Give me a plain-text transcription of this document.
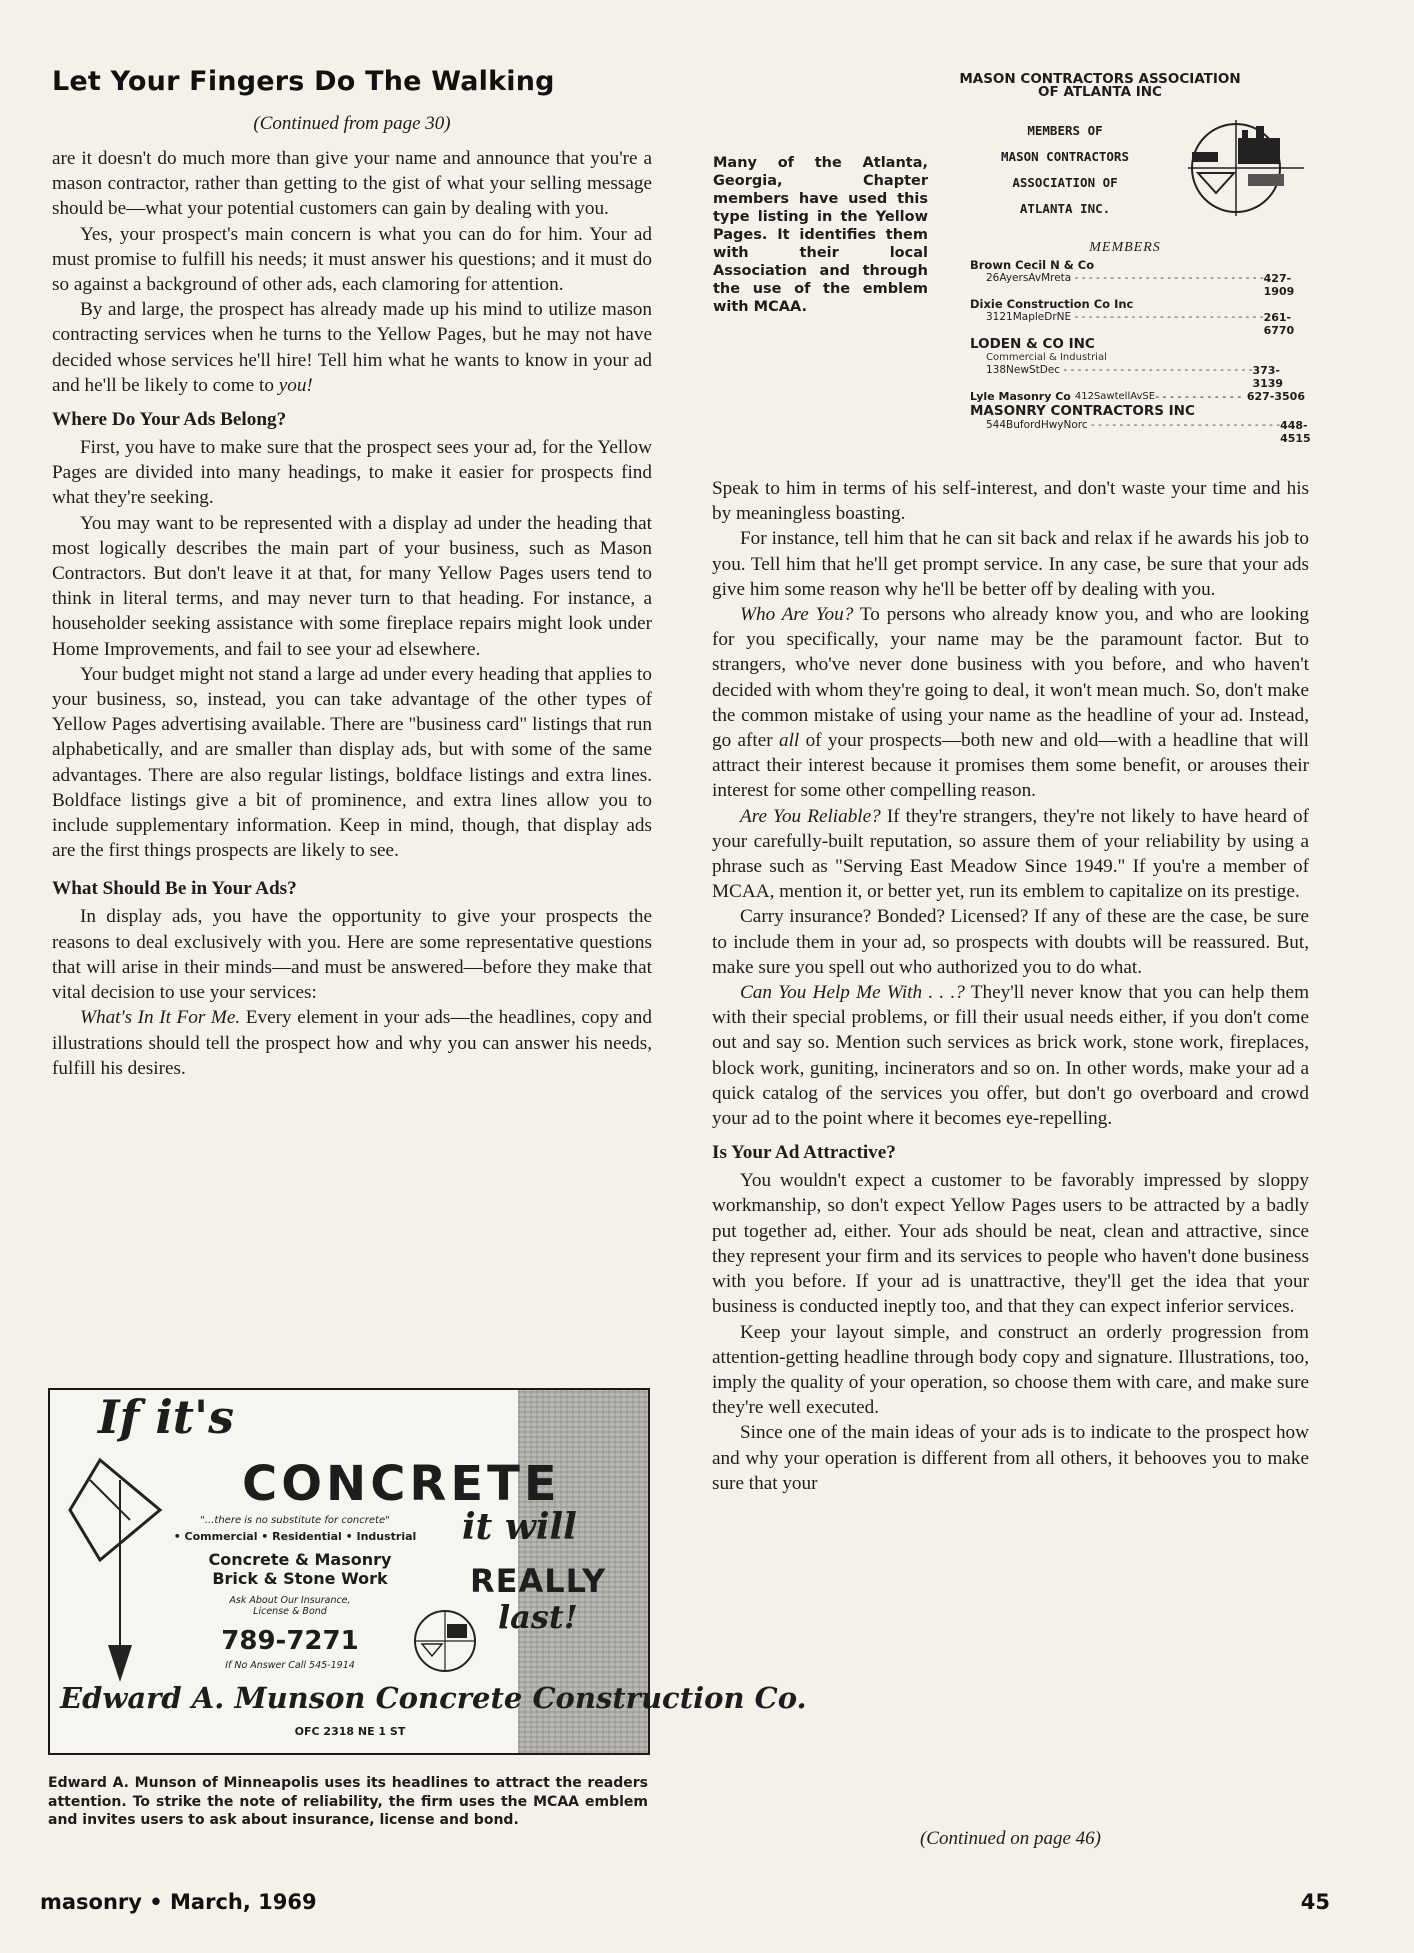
Let Your Fingers Do The Walking
(Continued from page 30)

are it doesn't do much more than give your name and announce that you're a mason contractor, rather than getting to the gist of what your selling message should be—what your potential customers can gain by dealing with you.

Yes, your prospect's main concern is what you can do for him. Your ad must promise to fulfill his needs; it must answer his questions; and it must do so against a background of other ads, each clamoring for attention.

By and large, the prospect has already made up his mind to utilize mason contracting services when he turns to the Yellow Pages, but he may not have decided whose services he'll hire! Tell him what he wants to know in your ad and he'll be likely to come to you!

Where Do Your Ads Belong?

First, you have to make sure that the prospect sees your ad, for the Yellow Pages are divided into many headings, to make it easier for prospects find what they're seeking.

You may want to be represented with a display ad under the heading that most logically describes the main part of your business, such as Mason Contractors. But don't leave it at that, for many Yellow Pages users tend to think in literal terms, and may never turn to that heading. For instance, a householder seeking assistance with some fireplace repairs might look under Home Improvements, and fail to see your ad elsewhere.

Your budget might not stand a large ad under every heading that applies to your business, so, instead, you can take advantage of the other types of Yellow Pages advertising available. There are "business card" listings that run alphabetically, and are smaller than display ads, but with some of the same advantages. There are also regular listings, boldface listings and extra lines. Boldface listings give a bit of prominence, and extra lines allow you to include supplementary information. Keep in mind, though, that display ads are the first things prospects are likely to see.

What Should Be in Your Ads?

In display ads, you have the opportunity to give your prospects the reasons to deal exclusively with you. Here are some representative questions that will arise in their minds—and must be answered—before they make that vital decision to use your services:

What's In It For Me. Every element in your ads—the headlines, copy and illustrations should tell the prospect how and why you can answer his needs, fulfill his desires.

Many of the Atlanta, Georgia, Chapter members have used this type listing in the Yellow Pages. It identifies them with their local Association and through the use of the emblem with MCAA.
MASON CONTRACTORS ASSOCIATION
OF ATLANTA INC
MEMBERS OF
MASON CONTRACTORS
ASSOCIATION OF
ATLANTA INC.
MEMBERS
Brown Cecil N & Co
26AyersAvMreta - - - - - - - - - - - - - - - - - - - - - - - - - - - 427-1909
Dixie Construction Co Inc
3121MapleDrNE - - - - - - - - - - - - - - - - - - - - - - - - - - - 261-6770
LODEN & CO INC
Commercial & Industrial
138NewStDec - - - - - - - - - - - - - - - - - - - - - - - - - - - 373-3139
Lyle Masonry Co 412SawtellAvSE - - - - - - - - - - - - 627-3506
MASONRY CONTRACTORS INC
544BufordHwyNorc - - - - - - - - - - - - - - - - - - - - - - - - - - - 448-4515

Speak to him in terms of his self-interest, and don't waste your time and his by meaningless boasting.

For instance, tell him that he can sit back and relax if he awards his job to you. Tell him that he'll get prompt service. In any case, be sure that your ads give him some reason why he'll be better off by dealing with you.

Who Are You? To persons who already know you, and who are looking for you specifically, your name may be the paramount factor. But to strangers, who've never done business with you before, and who haven't decided with whom they're going to deal, it won't mean much. So, don't make the common mistake of using your name as the headline of your ad. Instead, go after all of your prospects—both new and old—with a headline that will attract their interest because it promises them some benefit, or arouses their interest for some other compelling reason.

Are You Reliable? If they're strangers, they're not likely to have heard of your carefully-built reputation, so assure them of your reliability by using a phrase such as "Serving East Meadow Since 1949." If you're a member of MCAA, mention it, or better yet, run its emblem to capitalize on its prestige.

Carry insurance? Bonded? Licensed? If any of these are the case, be sure to include them in your ad, so prospects with doubts will be reassured. But, make sure you spell out who authorized you to do what.

Can You Help Me With . . .? They'll never know that you can help them with their special problems, or fill their usual needs either, if you don't come out and say so. Mention such services as brick work, stone work, fireplaces, block work, guniting, incinerators and so on. In other words, make your ad a quick catalog of the services you offer, but don't go overboard and crowd your ad to the point where it becomes eye-repelling.

Is Your Ad Attractive?

You wouldn't expect a customer to be favorably impressed by sloppy workmanship, so don't expect Yellow Pages users to be attracted by a badly put together ad, either. Your ads should be neat, clean and attractive, since they represent your firm and its services to people who haven't done business with you before. If your ad is unattractive, they'll get the idea that your business is conducted ineptly too, and that they can expect inferior services.

Keep your layout simple, and construct an orderly progression from attention-getting headline through body copy and signature. Illustrations, too, imply the quality of your operation, so choose them with care, and make sure they're well executed.

Since one of the main ideas of your ads is to indicate to the prospect how and why your operation is different from all others, it behooves you to make sure that your

(Continued on page 46)
If it's
CONCRETE
"...there is no substitute for concrete"
• Commercial • Residential • Industrial	it will
Concrete & Masonry
Brick & Stone Work	REALLY
last!
Ask About Our Insurance,
License & Bond
789-7271
If No Answer Call 545-1914
Edward A. Munson Concrete Construction Co.
OFC 2318 NE 1 ST
Edward A. Munson of Minneapolis uses its headlines to attract the readers attention. To strike the note of reliability, the firm uses the MCAA emblem and invites users to ask about insurance, license and bond.
masonry • March, 1969	45
